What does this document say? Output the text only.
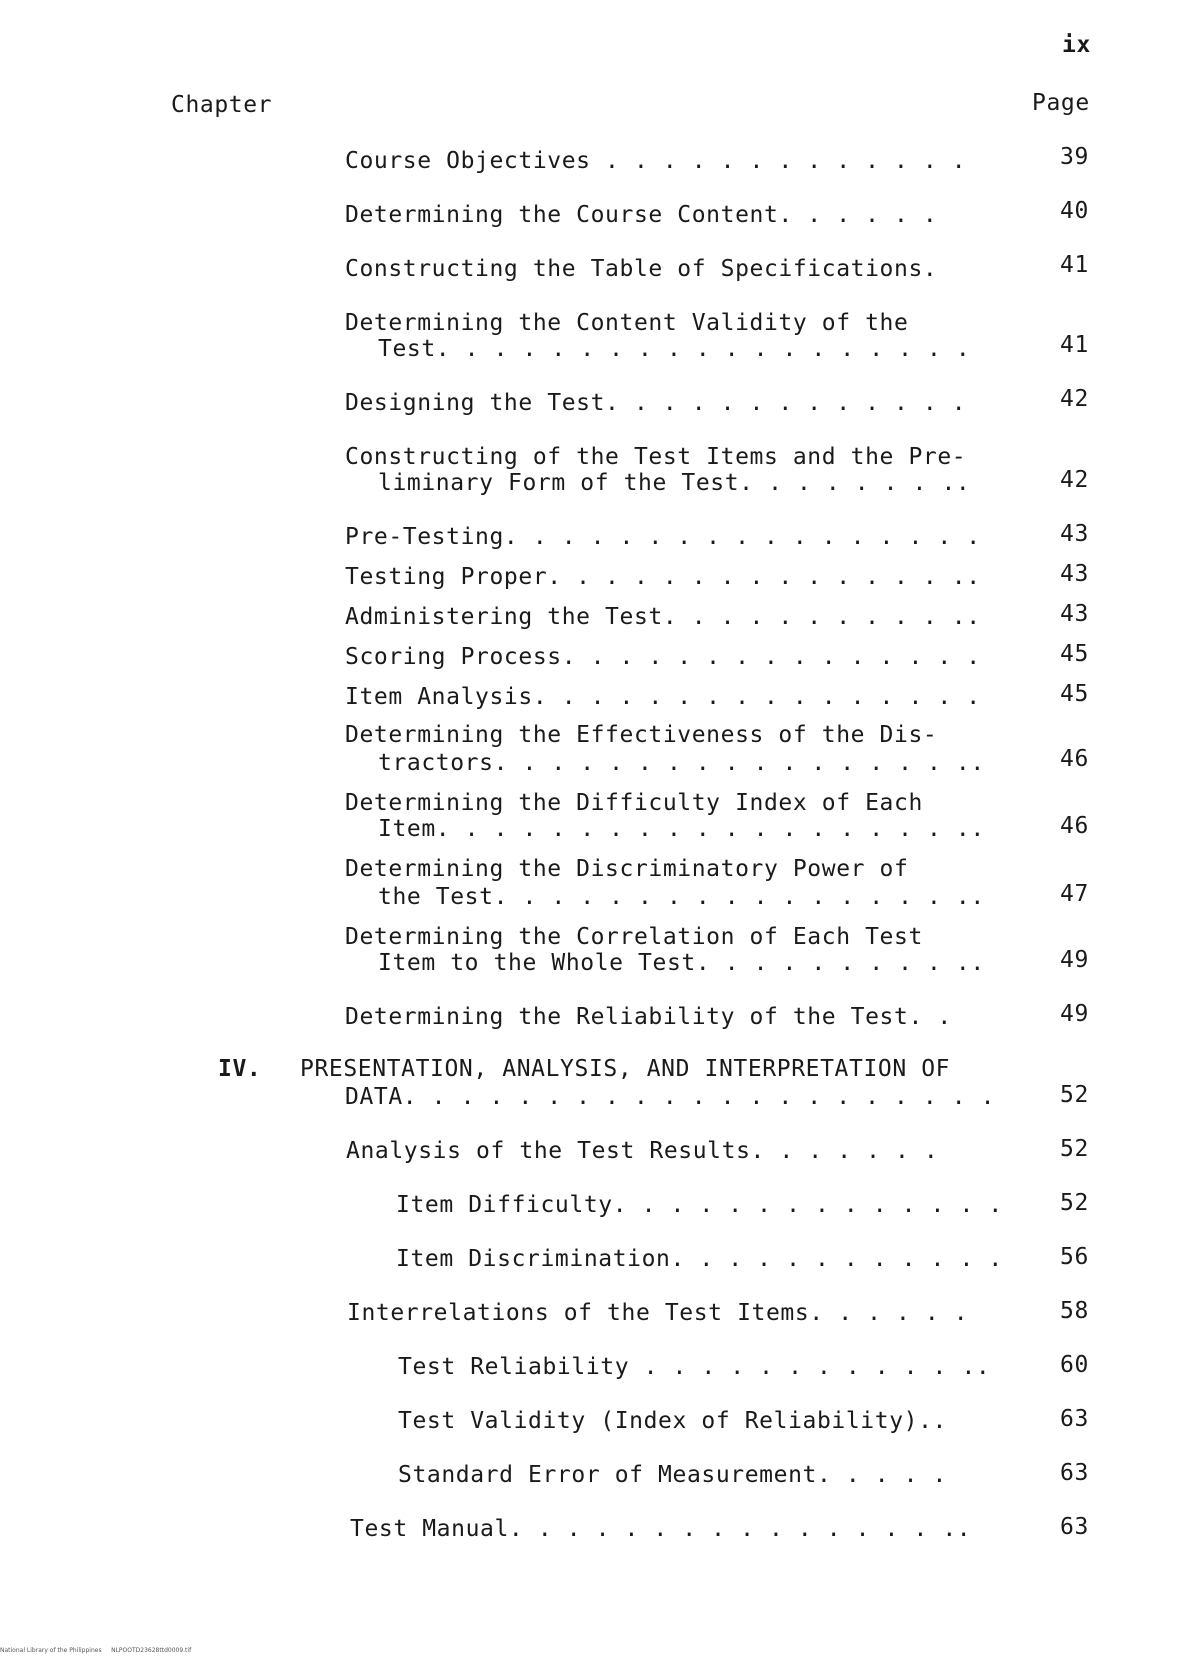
ix
Chapter	Page
Course Objectives . . . . . . . . . . . . .	39
Determining the Course Content. . . . . .	40
Constructing the Table of Specifications.	41
Determining the Content Validity of the
Test. . . . . . . . . . . . . . . . . . .	41
Designing the Test. . . . . . . . . . . . .	42
Constructing of the Test Items and the Pre-
liminary Form of the Test. . . . . . . ..	42
Pre-Testing. . . . . . . . . . . . . . . . .	43
Testing Proper. . . . . . . . . . . . . . ..	43
Administering the Test. . . . . . . . . . ..	43
Scoring Process. . . . . . . . . . . . . . .	45
Item Analysis. . . . . . . . . . . . . . . .	45
Determining the Effectiveness of the Dis-
tractors. . . . . . . . . . . . . . . . ..	46
Determining the Difficulty Index of Each
Item. . . . . . . . . . . . . . . . . . ..	46
Determining the Discriminatory Power of
the Test. . . . . . . . . . . . . . . . ..	47
Determining the Correlation of Each Test
Item to the Whole Test. . . . . . . . . ..	49
Determining the Reliability of the Test. .	49
IV. PRESENTATION, ANALYSIS, AND INTERPRETATION OF
DATA. . . . . . . . . . . . . . . . . . . . .	52
Analysis of the Test Results. . . . . . .	52
Item Difficulty. . . . . . . . . . . . . . 52
Item Discrimination. . . . . . . . . . . . 56
Interrelations of the Test Items. . . . . .	58
Test Reliability . . . . . . . . . . . ..	60
Test Validity (Index of Reliability)..	63
Standard Error of Measurement. . . . .	63
Test Manual. . . . . . . . . . . . . . . ..	63
National Library of the Philippines     NLPOOTD23628ttd0009.tif
